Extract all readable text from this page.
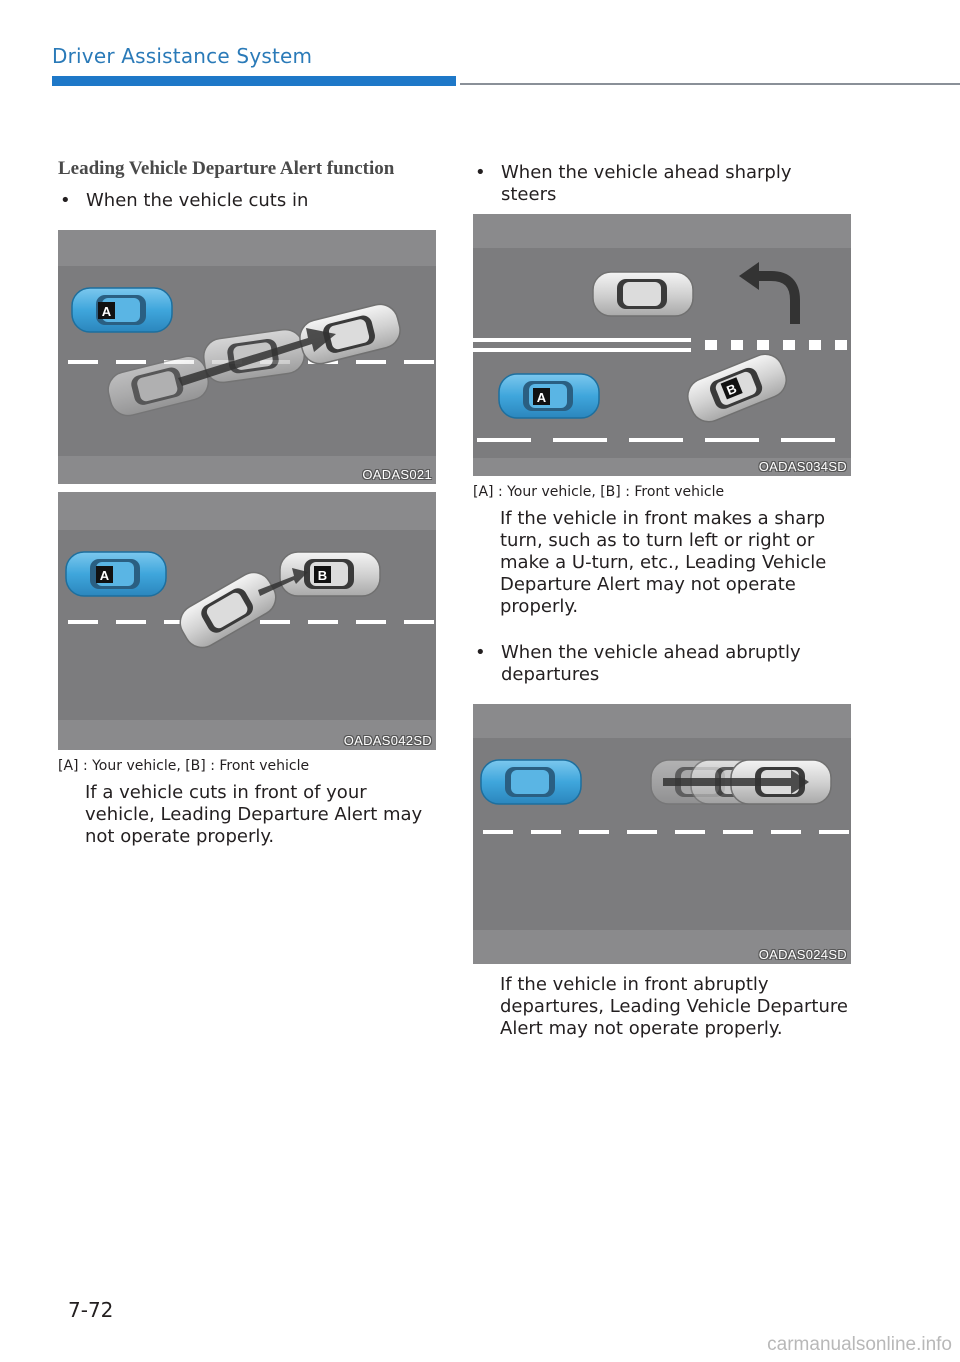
Driver Assistance System
Leading Vehicle Departure Alert function
• When the vehicle cuts in
A
OADAS021
A	B
OADAS042SD
[A] : Your vehicle, [B] : Front vehicle
If a vehicle cuts in front of your vehicle, Leading Departure Alert may not operate properly.
• When the vehicle ahead sharply steers
A	B
OADAS034SD
[A] : Your vehicle, [B] : Front vehicle
If the vehicle in front makes a sharp turn, such as to turn left or right or make a U-turn, etc., Leading Vehicle Departure Alert may not operate properly.
• When the vehicle ahead abruptly departures
OADAS024SD
If the vehicle in front abruptly departures, Leading Vehicle Departure Alert may not operate properly.
7-72
carmanualsonline.info
